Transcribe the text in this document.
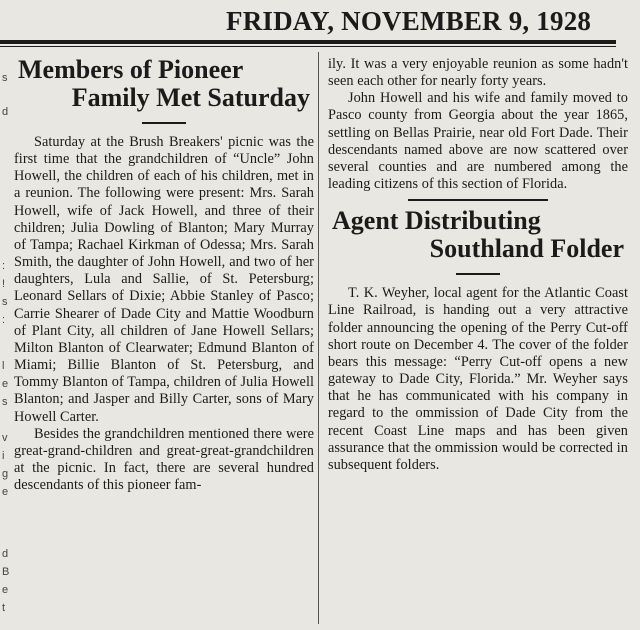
FRIDAY, NOVEMBER 9, 1928
s
d
:
!
s
:
l
e
s
v
i
g
e
d
B
e
t
Members of Pioneer
Family Met Saturday

Saturday at the Brush Breakers' picnic was the first time that the grandchildren of “Uncle” John Howell, the children of each of his children, met in a reunion. The following were present: Mrs. Sarah Howell, wife of Jack Howell, and three of their children; Julia Dowling of Blanton; Mary Murray of Tampa; Rachael Kirkman of Odessa; Mrs. Sarah Smith, the daughter of John Howell, and two of her daughters, Lula and Sallie, of St. Petersburg; Leonard Sellars of Dixie; Abbie Stanley of Pasco; Carrie Shearer of Dade City and Mattie Woodburn of Plant City, all children of Jane Howell Sellars; Milton Blanton of Clearwater; Edmund Blanton of Miami; Billie Blanton of St. Petersburg, and Tommy Blanton of Tampa, children of Julia Howell Blanton; and Jasper and Billy Carter, sons of Mary Howell Carter.

Besides the grandchildren mentioned there were great-grand-children and great-great-grandchildren at the picnic. In fact, there are several hundred descendants of this pioneer fam-

ily. It was a very enjoyable reunion as some hadn't seen each other for nearly forty years.

John Howell and his wife and family moved to Pasco county from Georgia about the year 1865, settling on Bellas Prairie, near old Fort Dade. Their descendants named above are now scattered over several counties and are numbered among the leading citizens of this section of Florida.

Agent Distributing
Southland Folder

T. K. Weyher, local agent for the Atlantic Coast Line Railroad, is handing out a very attractive folder announcing the opening of the Perry Cut-off short route on December 4. The cover of the folder bears this message: “Perry Cut-off opens a new gateway to Dade City, Florida.” Mr. Weyher says that he has communicated with his company in regard to the ommission of Dade City from the recent Coast Line maps and has been given assurance that the ommission would be corrected in subsequent folders.
